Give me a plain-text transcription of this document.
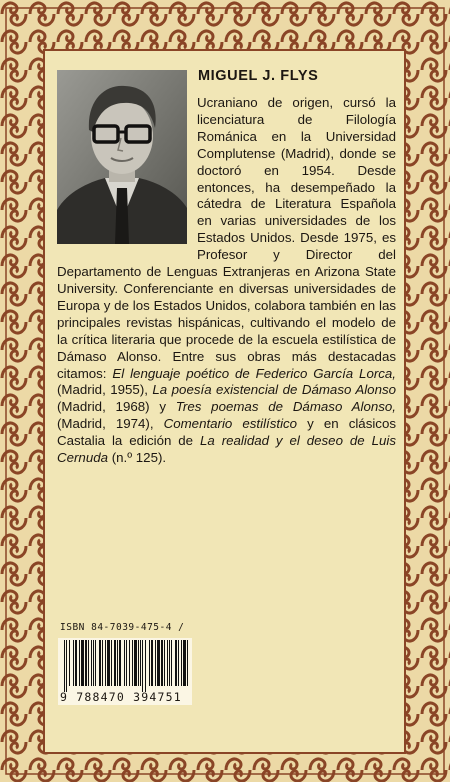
MIGUEL J. FLYS

Ucraniano de origen, cursó la licenciatura de Filología Románica en la Universidad Complutense (Madrid), donde se doctoró en 1954. Desde entonces, ha desempeñado la cátedra de Literatura Española en varias universidades de los Estados Unidos. Desde 1975, es Profesor y Director del Departamento de Lenguas Extranjeras en Arizona State University. Conferenciante en diversas universidades de Europa y de los Estados Unidos, colabora también en las principales revistas hispánicas, cultivando el modelo de la crítica literaria que procede de la escuela estilística de Dámaso Alonso. Entre sus obras más destacadas citamos: El lenguaje poético de Federico García Lorca, (Madrid, 1955), La poesía existencial de Dámaso Alonso (Madrid, 1968) y Tres poemas de Dámaso Alonso, (Madrid, 1974), Comentario estilístico y en clásicos Castalia la edición de La realidad y el deseo de Luis Cernuda (n.º 125).

ISBN 84-7039-475-4 /
9 788470 394751
